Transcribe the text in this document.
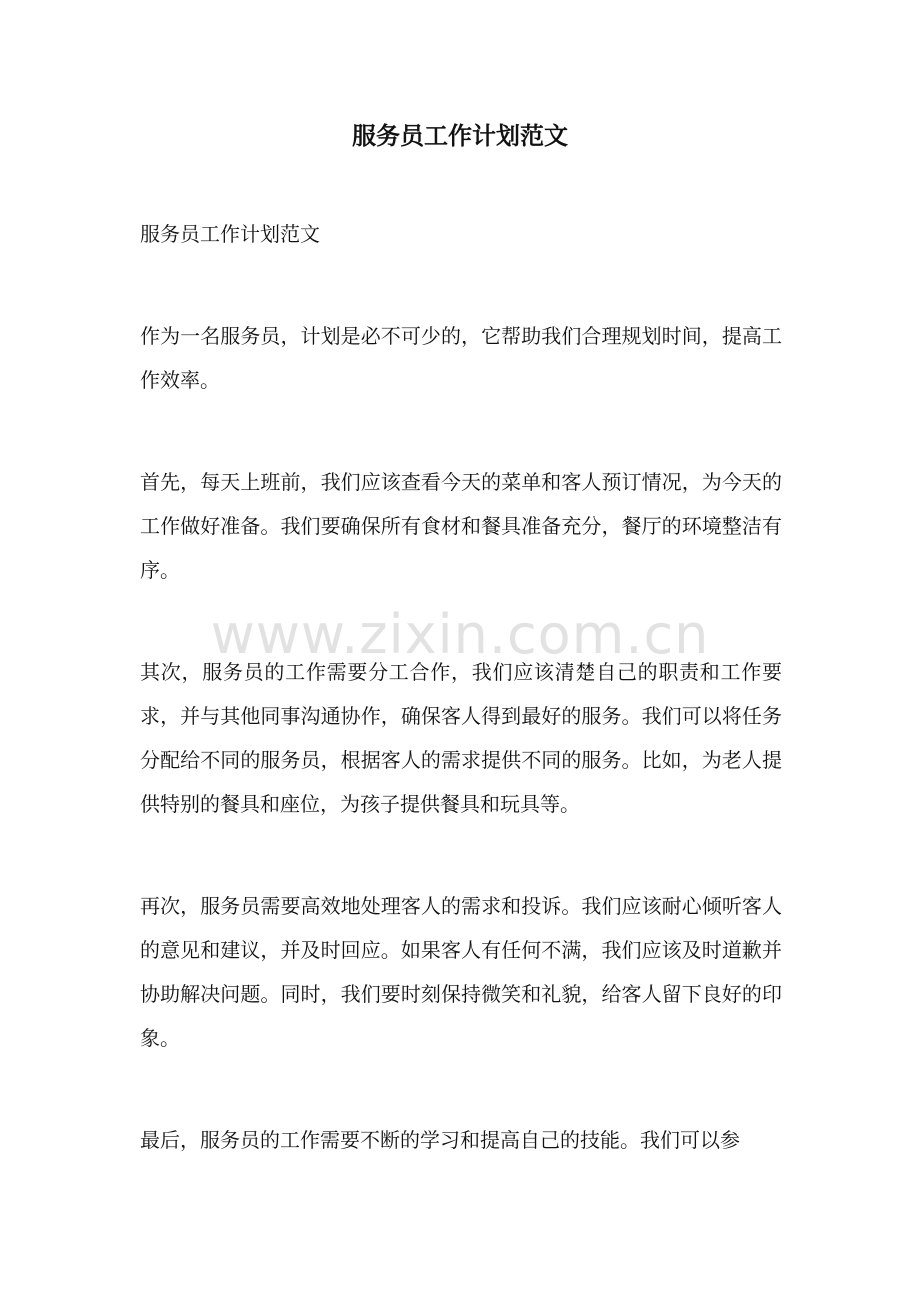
服务员工作计划范文

服务员工作计划范文

作为一名服务员，计划是必不可少的，它帮助我们合理规划时间，提高工作效率。

首先，每天上班前，我们应该查看今天的菜单和客人预订情况，为今天的工作做好准备。我们要确保所有食材和餐具准备充分，餐厅的环境整洁有序。

其次，服务员的工作需要分工合作，我们应该清楚自己的职责和工作要求，并与其他同事沟通协作，确保客人得到最好的服务。我们可以将任务分配给不同的服务员，根据客人的需求提供不同的服务。比如，为老人提供特别的餐具和座位，为孩子提供餐具和玩具等。

再次，服务员需要高效地处理客人的需求和投诉。我们应该耐心倾听客人的意见和建议，并及时回应。如果客人有任何不满，我们应该及时道歉并协助解决问题。同时，我们要时刻保持微笑和礼貌，给客人留下良好的印象。

最后，服务员的工作需要不断的学习和提高自己的技能。我们可以参

www.zixin.com.cn
